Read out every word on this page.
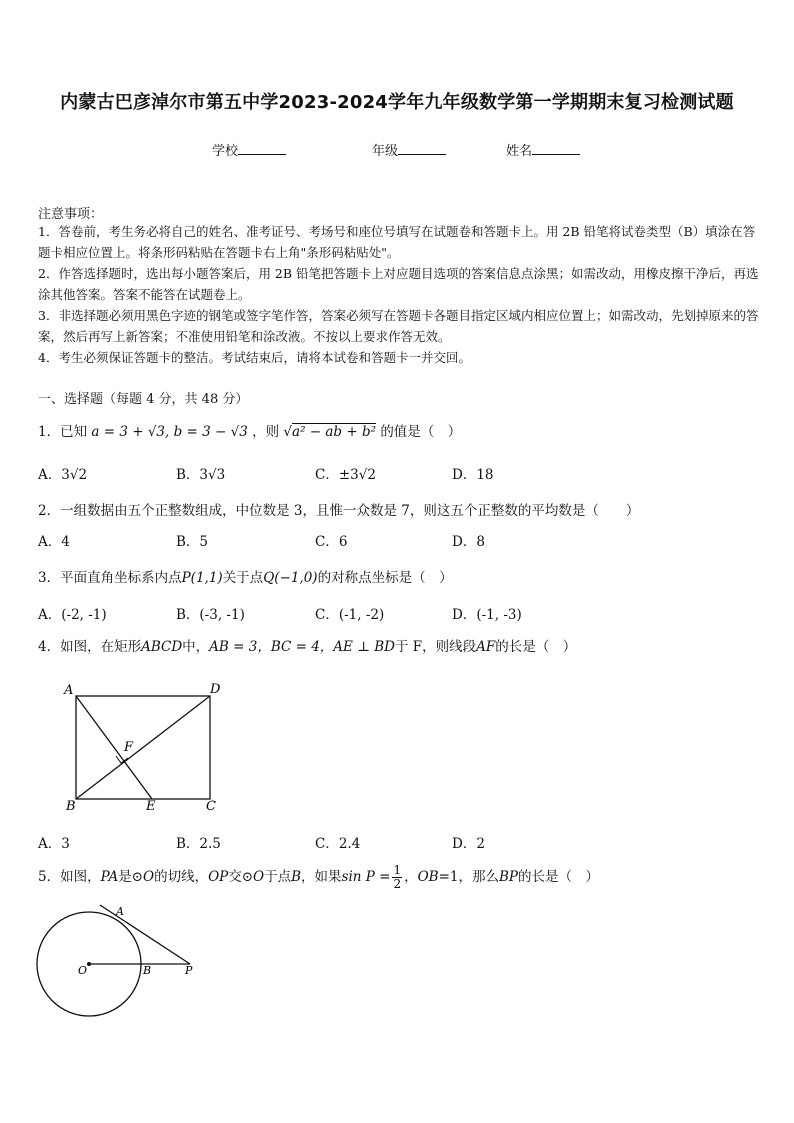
内蒙古巴彦淖尔市第五中学2023-2024学年九年级数学第一学期期末复习检测试题
学校	年级	姓名
注意事项：
1．答卷前，考生务必将自己的姓名、准考证号、考场号和座位号填写在试题卷和答题卡上。用 2B 铅笔将试卷类型（B）填涂在答题卡相应位置上。将条形码粘贴在答题卡右上角"条形码粘贴处"。
2．作答选择题时，选出每小题答案后，用 2B 铅笔把答题卡上对应题目选项的答案信息点涂黑；如需改动，用橡皮擦干净后，再选涂其他答案。答案不能答在试题卷上。
3．非选择题必须用黑色字迹的钢笔或签字笔作答，答案必须写在答题卡各题目指定区域内相应位置上；如需改动，先划掉原来的答案，然后再写上新答案；不准使用铅笔和涂改液。不按以上要求作答无效。
4．考生必须保证答题卡的整洁。考试结束后，请将本试卷和答题卡一并交回。
一、选择题（每题 4 分，共 48 分）
1．已知 a = 3 + √3, b = 3 − √3 ，则 √a² − ab + b² 的值是（　）
A．3√2	B．3√3	C．±3√2	D．18
2．一组数据由五个正整数组成，中位数是 3，且惟一众数是 7，则这五个正整数的平均数是（　　）
A．4	B．5	C．6	D．8
3．平面直角坐标系内点P(1,1)关于点Q(−1,0)的对称点坐标是（　）
A．(-2, -1)	B．(-3, -1)	C．(-1, -2)	D．(-1, -3)
4．如图，在矩形ABCD中，AB = 3，BC = 4，AE ⊥ BD于 F，则线段AF的长是（　）
A	D
F
B	E	C
A．3	B．2.5	C．2.4	D．2
5．如图，PA是⊙O的切线，OP交⊙O于点B，如果$\sin P = \frac{1}{2}$ ，OB=1，那么BP的长是（　）
A
O	B	P
